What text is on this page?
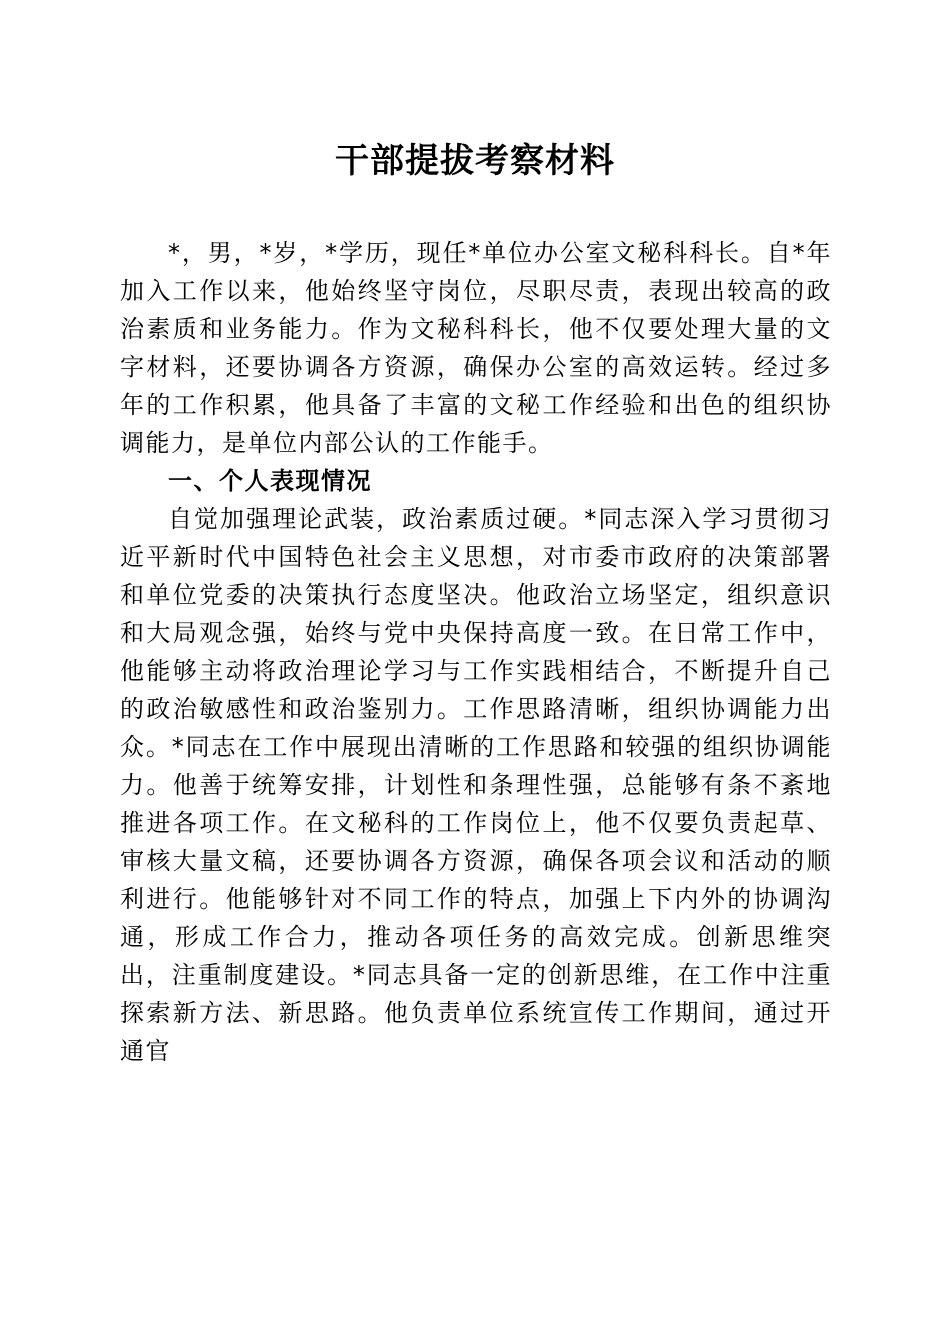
干部提拔考察材料

*，男，*岁，*学历，现任*单位办公室文秘科科长。自*年加入工作以来，他始终坚守岗位，尽职尽责，表现出较高的政治素质和业务能力。作为文秘科科长，他不仅要处理大量的文字材料，还要协调各方资源，确保办公室的高效运转。经过多年的工作积累，他具备了丰富的文秘工作经验和出色的组织协调能力，是单位内部公认的工作能手。

一、个人表现情况

自觉加强理论武装，政治素质过硬。*同志深入学习贯彻习近平新时代中国特色社会主义思想，对市委市政府的决策部署和单位党委的决策执行态度坚决。他政治立场坚定，组织意识和大局观念强，始终与党中央保持高度一致。在日常工作中，他能够主动将政治理论学习与工作实践相结合，不断提升自己的政治敏感性和政治鉴别力。工作思路清晰，组织协调能力出众。*同志在工作中展现出清晰的工作思路和较强的组织协调能力。他善于统筹安排，计划性和条理性强，总能够有条不紊地推进各项工作。在文秘科的工作岗位上，他不仅要负责起草、审核大量文稿，还要协调各方资源，确保各项会议和活动的顺利进行。他能够针对不同工作的特点，加强上下内外的协调沟通，形成工作合力，推动各项任务的高效完成。创新思维突出，注重制度建设。*同志具备一定的创新思维，在工作中注重探索新方法、新思路。他负责单位系统宣传工作期间，通过开通官
